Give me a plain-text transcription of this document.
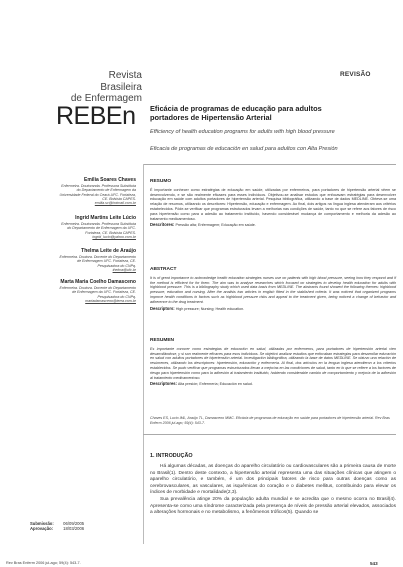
Revista
Brasileira
de Enfermagem
REBEn
REVISÃO
Eficácia de programas de educação para adultos portadores de Hipertensão Arterial
Efficiency of health education programs for adults with high blood pressure
Eficacia de programas de educación en salud para adultos con Alta Presión
Emilia Soares Chaves
Enfermeira. Doutoranda. Professora Substituta
do Departamento de Enfermagem da
Universidade Federal do Ceará-UFC. Fortaleza,
CE. Bolsista CAPES.
emilia.sc@hotmail.com.br
Ingrid Martins Leite Lúcio
Enfermeira. Doutoranda. Professora Substituta
do Departamento de Enfermagem da UFC.
Fortaleza, CE. Bolsista CAPES.
ingrid_lucio@yahoo.com.br
Thelma Leite de Araújo
Enfermeira. Doutora. Docente do Departamento
de Enfermagem UFC. Fortaleza, CE.
Pesquisadora do CNPq.
thelma@ufc.br
Marta Maria Coelho Damasceno
Enfermeira. Doutora. Docente do Departamento
de Enfermagem da UFC. Fortaleza, CE.
Pesquisadora do CNPq.
martadamasceno@terra.com.br
RESUMO

É importante conhecer como estratégias de educação em saúde, utilizadas por enfermeiros, para portadores de hipertensão arterial vêem se desenvolvendo, e se são realmente eficazes para esses indivíduos. Objetivou-se analisar estudos que enfocavam estratégias para desenvolver educação em saúde com adultos portadores de hipertensão arterial. Pesquisa bibliográfica, utilizando a base de dados MEDLINE. Obteve-se uma relação de resumos, utilizando os descritores: Hipertensão, educação e enfermagem. Ao final, dois artigos na língua inglesa atenderam aos critérios estabelecidos. Pôde-se verificar que programas estruturados levam a melhorias nas condições de saúde, tanto no que se refere aos fatores de risco para hipertensão como para a adesão ao tratamento instituído, havendo considerável mudança de comportamento e melhoria da adesão ao tratamento medicamentoso.

Descritores: Pressão alta; Enfermagem; Educação em saúde.
ABSTRACT

It is of great importance to acknowledge health education strategies nurses use on patients with high blood pressure, seeing how they respond and if the method is efficient for for them. The aim was to analyse researches which focused on strategies to develop health education for adults with highblood pressure. This is a bibliography study which used data basis from MEDLINE. The abstracts found showed the following themes: highblood pressure, education and nursing. After the analisis two articles in english fitted in the stablished criteria. It was noticed that organized programs improve health conditions in factors such as highblood pressure risks and appeal to the treatment given, being noticed a change of behavior and adherence to the drug treatment.

Descriptors: High pressure; Nursing; Health education.
RESUMEN

Es importante conocer como estrategias de educación en salud, utilizadas por enfermeros, para portadores de hipertensión arterial vien desarrollándose, y si son realmente eficaces para esos individuos. Se objetivó analizar estudios que enfocaban estrategias para desarrollar educación en salud con adultos portadores de hipertensión arterial. Investigación bibliográfica, utilizando la base de datos MEDLINE. Se obtuvo una relación de resúmenes, utilizando los descriptores: hipertensión, educación y enfermería. Al final, dos artículos en la lengua inglesa atendieron a los criterios establecidos. Se pudo verificar que programas estructurados llevan a mejorías en las condiciones de salud, tanto en lo que se refiere a los factores de riesgo para hipertensión como para la adhesión al tratamiento instituido, habiendo considerable cambio de comportamiento y mejoría de la adhesión al tratamiento medicamentoso.

Descriptores: Alta presión; Enfermería; Educación en salud.
Chaves ES, Lucio IML, Araújo TL, Damasceno MMC. Eficácia de programas de educação em saúde para portadores de hipertensão arterial. Rev Bras Enferm 2006 jul-ago; 59(4): 543-7.
1. INTRODUÇÃO

Há algumas décadas, as doenças do aparelho circulatório ou cardiovasculares são a primeira causa de morte no Brasil(1). Dentro deste contexto, a hipertensão arterial representa uma das situações clínicas que atingem o aparelho circulatório, e também, é um dos principais fatores de risco para outras doenças como as cerebrovasculares, as vasculares, as isquêmicas do coração e o diabetes mellitus, contribuindo para elevar os índices de morbidade e mortalidade(2,3).

Sua prevalência atinge 20% da população adulta mundial e se acredita que o mesmo ocorra no Brasil(4). Apresenta-se como uma síndrome caracterizada pela presença de níveis de pressão arterial elevados, associados a alterações hormonais e no metabolismo, a fenômenos tróficos(5). Quando se

Submissão: 06/09/2005
Aprovação: 18/03/2006
Rev Bras Enferm 2006 jul-ago; 59(4): 543-7.	543
